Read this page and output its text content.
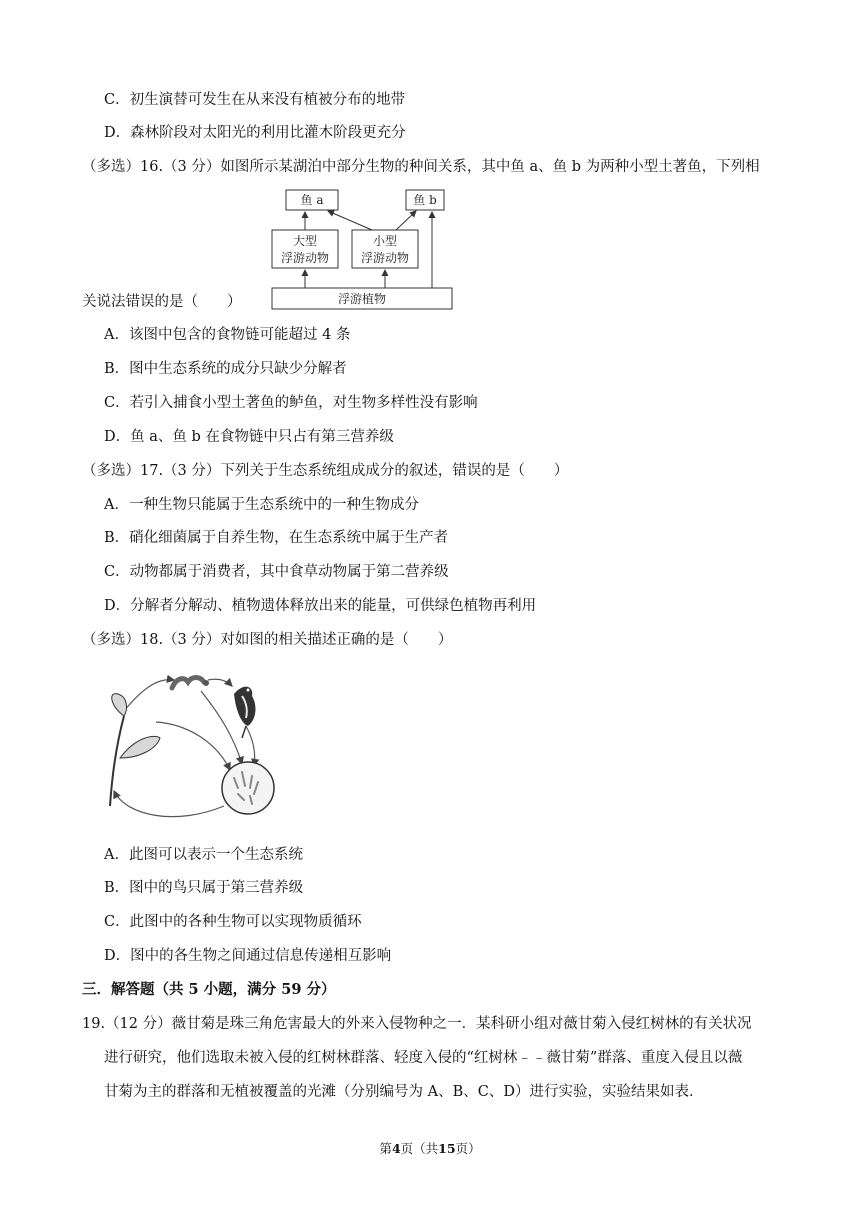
C．初生演替可发生在从来没有植被分布的地带
D．森林阶段对太阳光的利用比灌木阶段更充分
（多选）16.（3 分）如图所示某湖泊中部分生物的种间关系，其中鱼 a、鱼 b 为两种小型土著鱼，下列相
鱼 a	鱼 b
大型
浮游动物
小型
浮游动物
浮游植物
关说法错误的是（　　）
A．该图中包含的食物链可能超过 4 条
B．图中生态系统的成分只缺少分解者
C．若引入捕食小型土著鱼的鲈鱼，对生物多样性没有影响
D．鱼 a、鱼 b 在食物链中只占有第三营养级
（多选）17.（3 分）下列关于生态系统组成成分的叙述，错误的是（　　）
A．一种生物只能属于生态系统中的一种生物成分
B．硝化细菌属于自养生物，在生态系统中属于生产者
C．动物都属于消费者，其中食草动物属于第二营养级
D．分解者分解动、植物遗体释放出来的能量，可供绿色植物再利用
（多选）18.（3 分）对如图的相关描述正确的是（　　）
A．此图可以表示一个生态系统
B．图中的鸟只属于第三营养级
C．此图中的各种生物可以实现物质循环
D．图中的各生物之间通过信息传递相互影响
三．解答题（共 5 小题，满分 59 分）
19.（12 分）薇甘菊是珠三角危害最大的外来入侵物种之一．某科研小组对薇甘菊入侵红树林的有关状况
进行研究，他们选取未被入侵的红树林群落、轻度入侵的“红树林﹣﹣薇甘菊”群落、重度入侵且以薇
甘菊为主的群落和无植被覆盖的光滩（分别编号为 A、B、C、D）进行实验，实验结果如表．
第4页（共15页）
